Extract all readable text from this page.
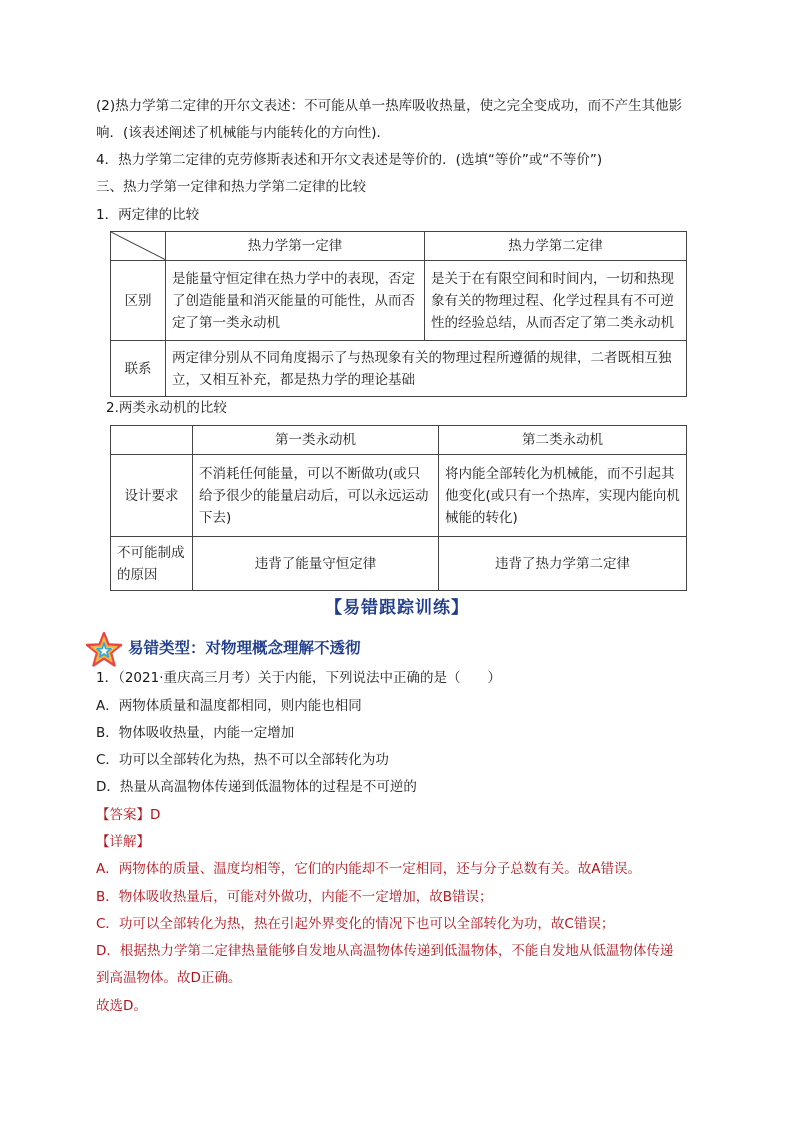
(2)热力学第二定律的开尔文表述：不可能从单一热库吸收热量，使之完全变成功，而不产生其他影
响．(该表述阐述了机械能与内能转化的方向性)．
4．热力学第二定律的克劳修斯表述和开尔文表述是等价的．(选填“等价”或“不等价”)
三、热力学第一定律和热力学第二定律的比较
1．两定律的比较
	热力学第一定律	热力学第二定律
区别	是能量守恒定律在热力学中的表现，否定了创造能量和消灭能量的可能性，从而否定了第一类永动机	是关于在有限空间和时间内，一切和热现象有关的物理过程、化学过程具有不可逆性的经验总结，从而否定了第二类永动机
联系	两定律分别从不同角度揭示了与热现象有关的物理过程所遵循的规律，二者既相互独立，又相互补充，都是热力学的理论基础	
2.两类永动机的比较
	第一类永动机	第二类永动机
设计要求	不消耗任何能量，可以不断做功(或只给予很少的能量启动后，可以永远运动下去)	将内能全部转化为机械能，而不引起其他变化(或只有一个热库，实现内能向机械能的转化)
不可能制成的原因	违背了能量守恒定律	违背了热力学第二定律
【易错跟踪训练】
易错类型：对物理概念理解不透彻
1．（2021·重庆高三月考）关于内能，下列说法中正确的是（　　）
A．两物体质量和温度都相同，则内能也相同
B．物体吸收热量，内能一定增加
C．功可以全部转化为热，热不可以全部转化为功
D．热量从高温物体传递到低温物体的过程是不可逆的
【答案】D
【详解】
A．两物体的质量、温度均相等，它们的内能却不一定相同，还与分子总数有关。故A错误。
B．物体吸收热量后，可能对外做功，内能不一定增加，故B错误；
C．功可以全部转化为热，热在引起外界变化的情况下也可以全部转化为功，故C错误；
D．根据热力学第二定律热量能够自发地从高温物体传递到低温物体，不能自发地从低温物体传递
到高温物体。故D正确。
故选D。
